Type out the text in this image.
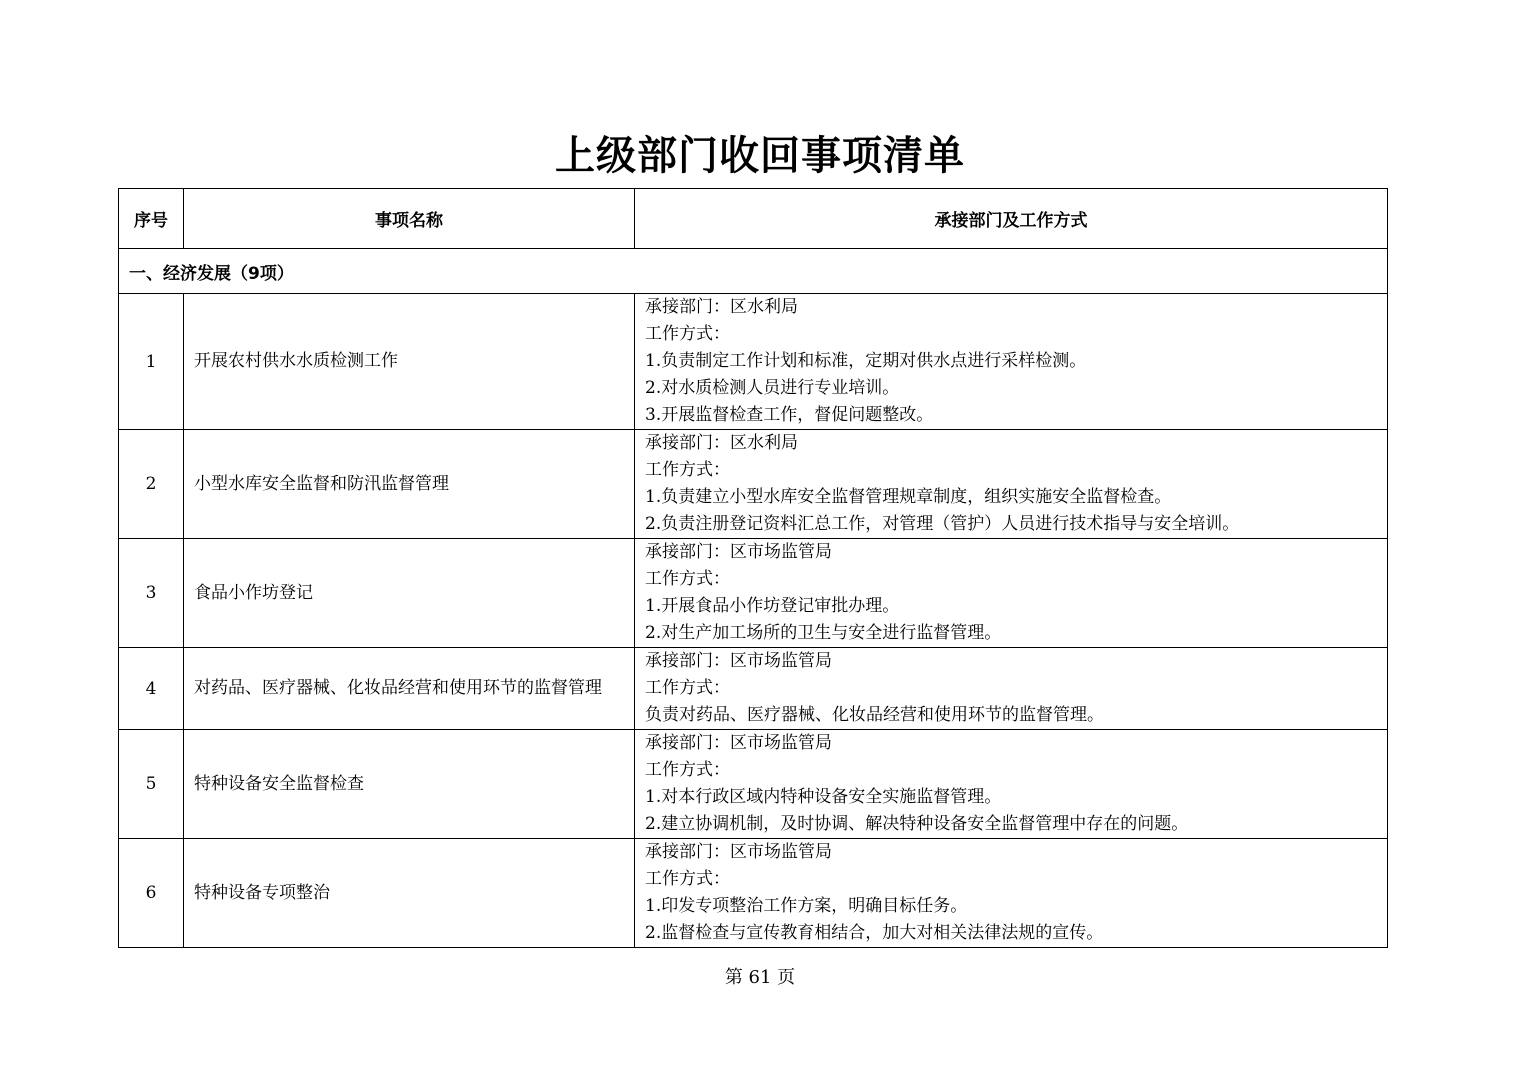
上级部门收回事项清单
序号	事项名称	承接部门及工作方式
一、经济发展（9项）		
1	开展农村供水水质检测工作	承接部门：区水利局
工作方式：
1.负责制定工作计划和标准，定期对供水点进行采样检测。
2.对水质检测人员进行专业培训。
3.开展监督检查工作，督促问题整改。

2	小型水库安全监督和防汛监督管理	承接部门：区水利局
工作方式：
1.负责建立小型水库安全监督管理规章制度，组织实施安全监督检查。
2.负责注册登记资料汇总工作，对管理（管护）人员进行技术指导与安全培训。

3	食品小作坊登记	承接部门：区市场监管局
工作方式：
1.开展食品小作坊登记审批办理。
2.对生产加工场所的卫生与安全进行监督管理。

4	对药品、医疗器械、化妆品经营和使用环节的监督管理	承接部门：区市场监管局
工作方式：
负责对药品、医疗器械、化妆品经营和使用环节的监督管理。

5	特种设备安全监督检查	承接部门：区市场监管局
工作方式：
1.对本行政区域内特种设备安全实施监督管理。
2.建立协调机制，及时协调、解决特种设备安全监督管理中存在的问题。

6	特种设备专项整治	承接部门：区市场监管局
工作方式：
1.印发专项整治工作方案，明确目标任务。
2.监督检查与宣传教育相结合，加大对相关法律法规的宣传。
第 61 页
